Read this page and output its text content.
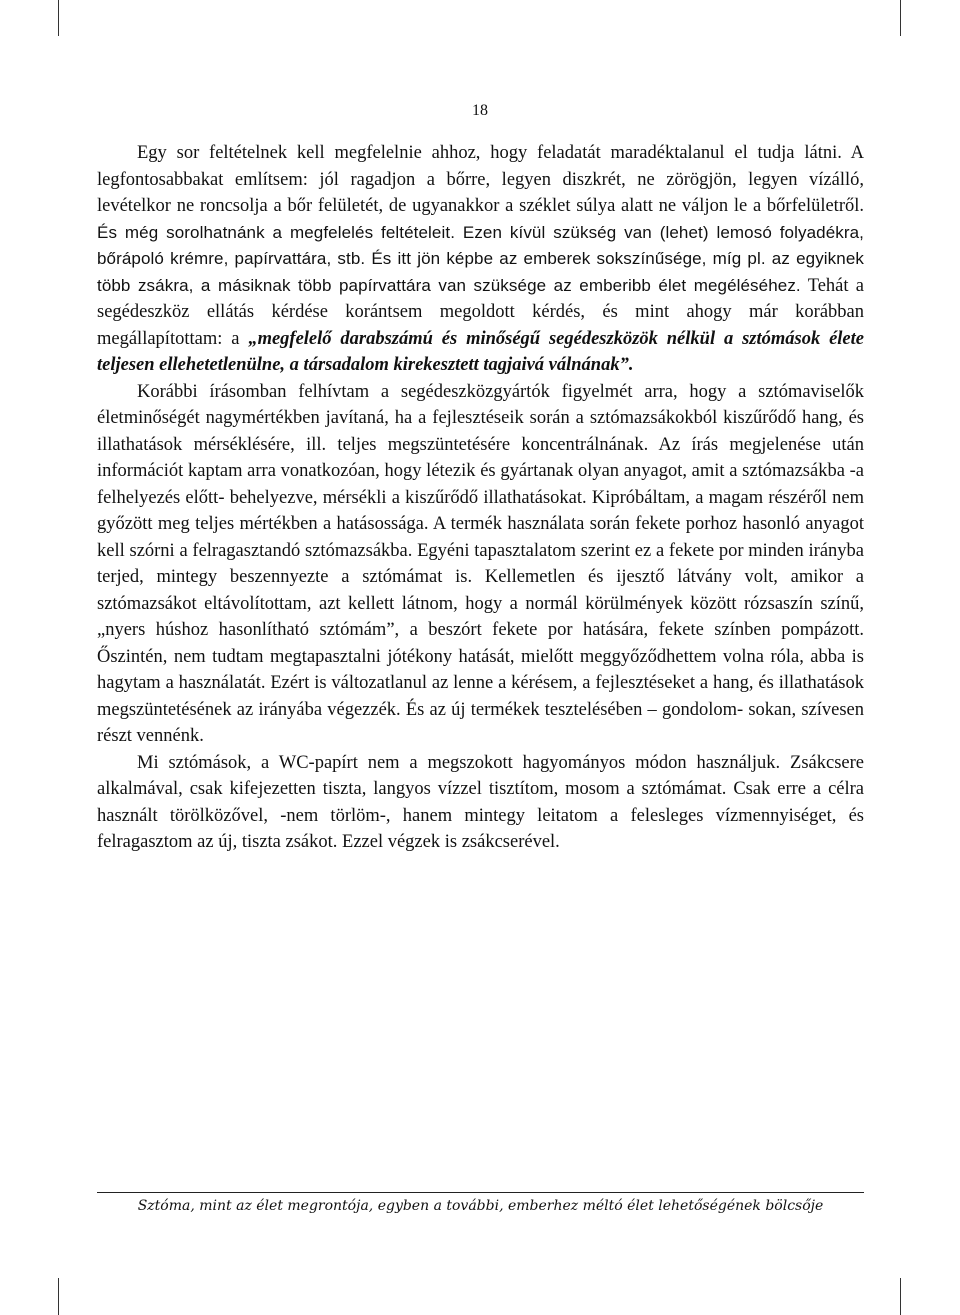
18

Egy sor feltételnek kell megfelelnie ahhoz, hogy feladatát maradéktalanul el tudja látni. A legfontosabbakat említsem: jól ragadjon a bőrre, legyen diszkrét, ne zörögjön, legyen vízálló, levételkor ne roncsolja a bőr felületét, de ugyanakkor a széklet súlya alatt ne váljon le a bőrfelületről. És még sorolhatnánk a megfelelés feltételeit. Ezen kívül szükség van (lehet) lemosó folyadékra, bőrápoló krémre, papírvattára, stb. És itt jön képbe az emberek sokszínűsége, míg pl. az egyiknek több zsákra, a másiknak több papírvattára van szüksége az emberibb élet megéléséhez. Tehát a segédeszköz ellátás kérdése korántsem megoldott kérdés, és mint ahogy már korábban megállapítottam: a „megfelelő darabszámú és minőségű segédeszközök nélkül a sztómások élete teljesen ellehetetlenülne, a társadalom kirekesztett tagjaivá válnának”.

Korábbi írásomban felhívtam a segédeszközgyártók figyelmét arra, hogy a sztómaviselők életminőségét nagymértékben javítaná, ha a fejlesztéseik során a sztómazsákokból kiszűrődő hang, és illathatások mérséklésére, ill. teljes megszüntetésére koncentrálnának. Az írás megjelenése után információt kaptam arra vonatkozóan, hogy létezik és gyártanak olyan anyagot, amit a sztómazsákba -a felhelyezés előtt- behelyezve, mérsékli a kiszűrődő illathatásokat. Kipróbáltam, a magam részéről nem győzött meg teljes mértékben a hatásossága. A termék használata során fekete porhoz hasonló anyagot kell szórni a felragasztandó sztómazsákba. Egyéni tapasztalatom szerint ez a fekete por minden irányba terjed, mintegy beszennyezte a sztómámat is. Kellemetlen és ijesztő látvány volt, amikor a sztómazsákot eltávolítottam, azt kellett látnom, hogy a normál körülmények között rózsaszín színű, „nyers húshoz hasonlítható sztómám”, a beszórt fekete por hatására, fekete színben pompázott. Őszintén, nem tudtam megtapasztalni jótékony hatását, mielőtt meggyőződhettem volna róla, abba is hagytam a használatát. Ezért is változatlanul az lenne a kérésem, a fejlesztéseket a hang, és illathatások megszüntetésének az irányába végezzék. És az új termékek tesztelésében – gondolom- sokan, szívesen részt vennénk.

Mi sztómások, a WC-papírt nem a megszokott hagyományos módon használjuk. Zsákcsere alkalmával, csak kifejezetten tiszta, langyos vízzel tisztítom, mosom a sztómámat. Csak erre a célra használt törölközővel, -nem törlöm-, hanem mintegy leitatom a felesleges vízmennyiséget, és felragasztom az új, tiszta zsákot. Ezzel végzek is zsákcserével.

Sztóma, mint az élet megrontója, egyben a további, emberhez méltó élet lehetőségének bölcsője
